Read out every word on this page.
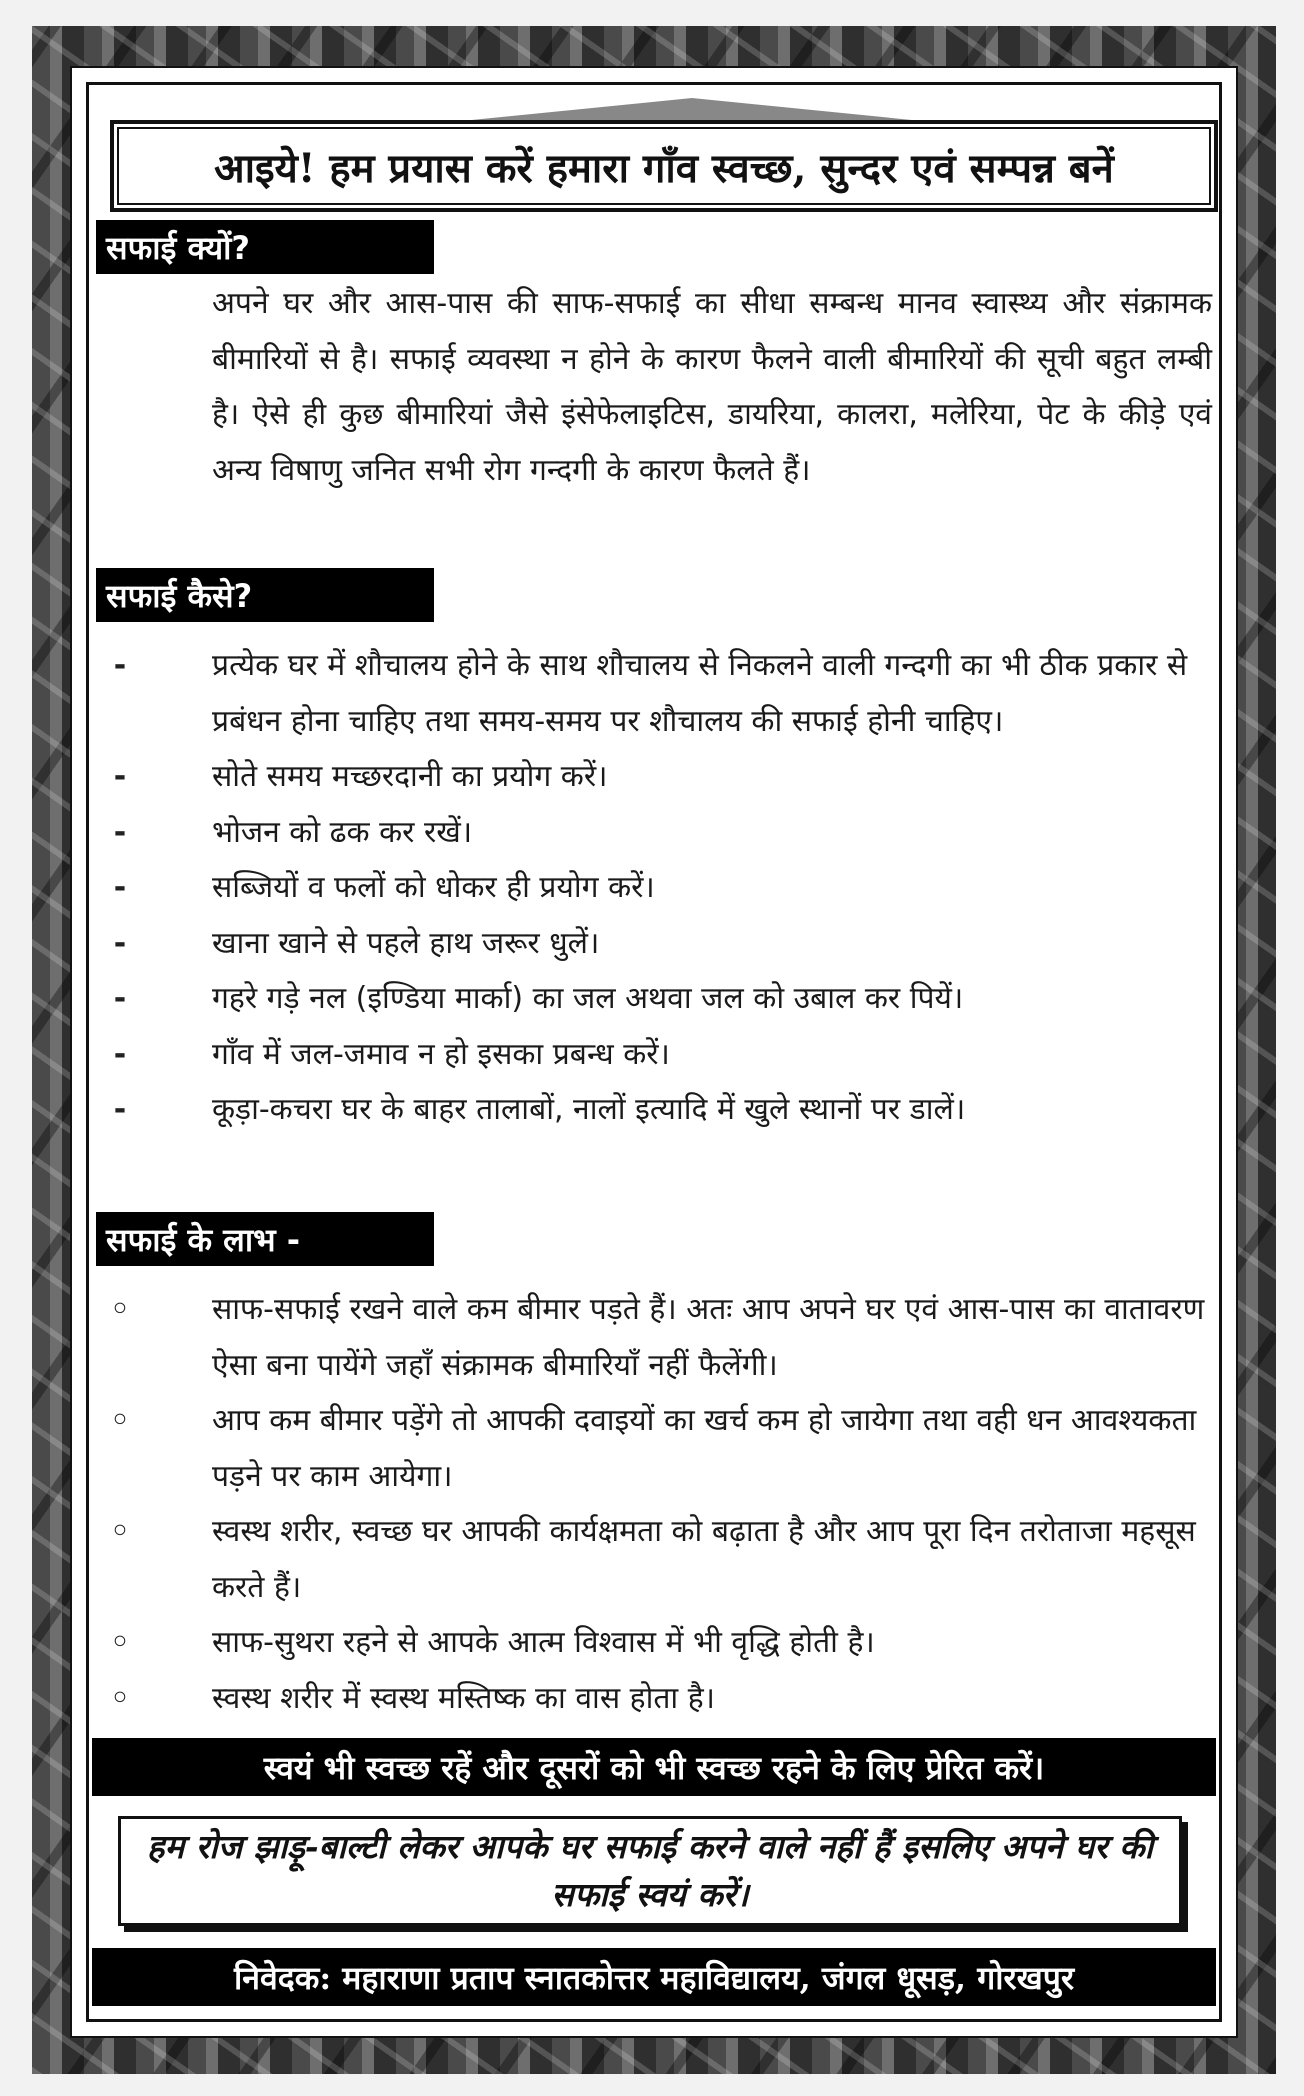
आइये! हम प्रयास करें हमारा गाँव स्वच्छ, सुन्दर एवं सम्पन्न बनें
सफाई क्यों?
अपने घर और आस-पास की साफ-सफाई का सीधा सम्बन्ध मानव स्वास्थ्य और संक्रामक बीमारियों से है। सफाई व्यवस्था न होने के कारण फैलने वाली बीमारियों की सूची बहुत लम्बी है। ऐसे ही कुछ बीमारियां जैसे इंसेफेलाइटिस, डायरिया, कालरा, मलेरिया, पेट के कीड़े एवं अन्य विषाणु जनित सभी रोग गन्दगी के कारण फैलते हैं।
सफाई कैसे?
-	प्रत्येक घर में शौचालय होने के साथ शौचालय से निकलने वाली गन्दगी का भी ठीक प्रकार से प्रबंधन होना चाहिए तथा समय-समय पर शौचालय की सफाई होनी चाहिए।
-	सोते समय मच्छरदानी का प्रयोग करें।
-	भोजन को ढक कर रखें।
-	सब्जियों व फलों को धोकर ही प्रयोग करें।
-	खाना खाने से पहले हाथ जरूर धुलें।
-	गहरे गड़े नल (इण्डिया मार्का) का जल अथवा जल को उबाल कर पियें।
-	गाँव में जल-जमाव न हो इसका प्रबन्ध करें।
-	कूड़ा-कचरा घर के बाहर तालाबों, नालों इत्यादि में खुले स्थानों पर डालें।
सफाई के लाभ -
◦	साफ-सफाई रखने वाले कम बीमार पड़ते हैं। अतः आप अपने घर एवं आस-पास का वातावरण ऐसा बना पायेंगे जहाँ संक्रामक बीमारियाँ नहीं फैलेंगी।
◦	आप कम बीमार पड़ेंगे तो आपकी दवाइयों का खर्च कम हो जायेगा तथा वही धन आवश्यकता पड़ने पर काम आयेगा।
◦	स्वस्थ शरीर, स्वच्छ घर आपकी कार्यक्षमता को बढ़ाता है और आप पूरा दिन तरोताजा महसूस करते हैं।
◦	साफ-सुथरा रहने से आपके आत्म विश्वास में भी वृद्धि होती है।
◦	स्वस्थ शरीर में स्वस्थ मस्तिष्क का वास होता है।
स्वयं भी स्वच्छ रहें और दूसरों को भी स्वच्छ रहने के लिए प्रेरित करें।
हम रोज झाड़ू-बाल्टी लेकर आपके घर सफाई करने वाले नहीं हैं इसलिए अपने घर की सफाई स्वयं करें।
निवेदक: महाराणा प्रताप स्नातकोत्तर महाविद्यालय, जंगल धूसड़, गोरखपुर
